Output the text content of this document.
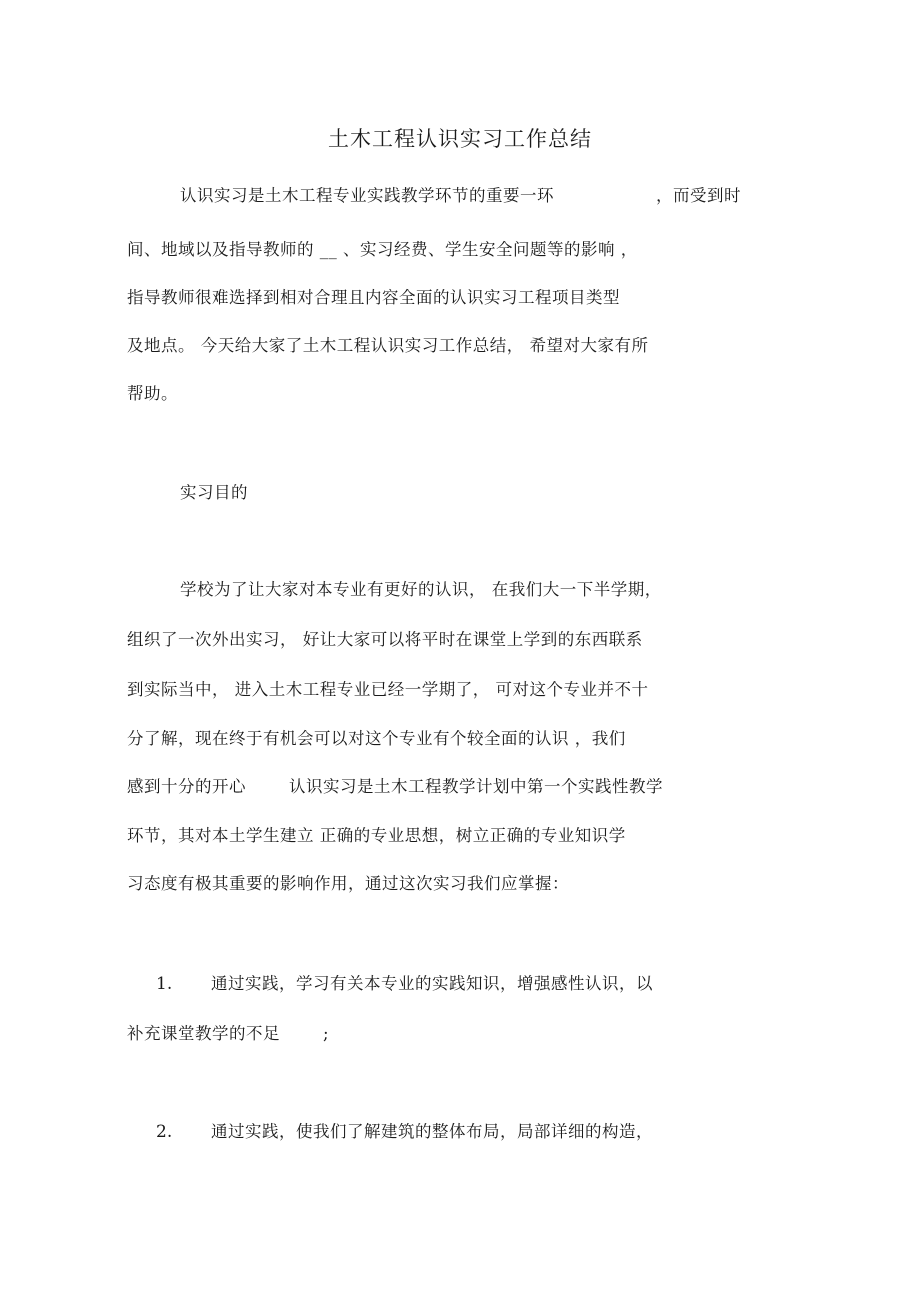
土木工程认识实习工作总结
认识实习是土木工程专业实践教学环节的重要一环	，而受到时
间、地域以及指导教师的 __ 、实习经费、学生安全问题等的影响 ，
指导教师很难选择到相对合理且内容全面的认识实习工程项目类型
及地点。 今天给大家了土木工程认识实习工作总结， 希望对大家有所
帮助。
实习目的
学校为了让大家对本专业有更好的认识， 在我们大一下半学期，
组织了一次外出实习， 好让大家可以将平时在课堂上学到的东西联系
到实际当中， 进入土木工程专业已经一学期了， 可对这个专业并不十
分了解，现在终于有机会可以对这个专业有个较全面的认识 ，我们
感到十分的开心	认识实习是土木工程教学计划中第一个实践性教学
环节，其对本土学生建立 正确的专业思想，树立正确的专业知识学
习态度有极其重要的影响作用，通过这次实习我们应掌握：
1. 通过实践，学习有关本专业的实践知识，增强感性认识，以
补充课堂教学的不足	;
2. 通过实践，使我们了解建筑的整体布局，局部详细的构造，
